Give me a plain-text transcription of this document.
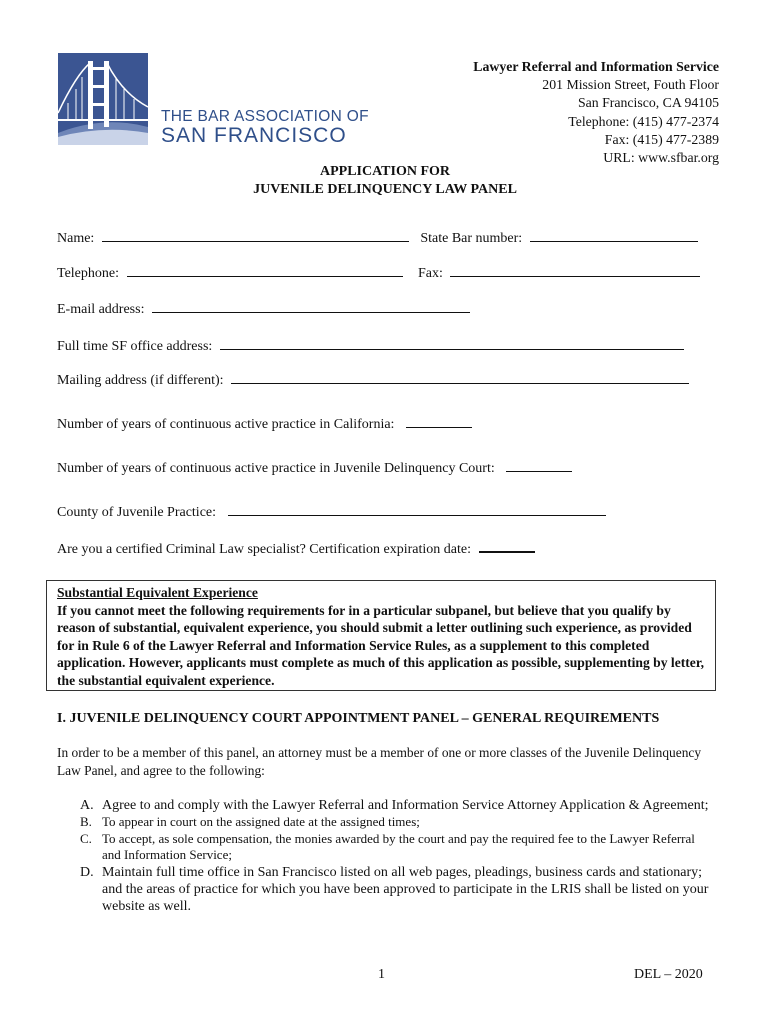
THE BAR ASSOCIATION OF
SAN FRANCISCO
Lawyer Referral and Information Service
201 Mission Street, Fouth Floor
San Francisco, CA 94105
Telephone: (415) 477-2374
Fax: (415) 477-2389
URL: www.sfbar.org
APPLICATION FOR
JUVENILE DELINQUENCY LAW PANEL
Name:	State Bar number:
Telephone:	Fax:
E-mail address:
Full time SF office address:
Mailing address (if different):
Number of years of continuous active practice in California:
Number of years of continuous active practice in Juvenile Delinquency Court:
County of Juvenile Practice:
Are you a certified Criminal Law specialist? Certification expiration date:
Substantial Equivalent Experience
If you cannot meet the following requirements for in a particular subpanel, but believe that you qualify by reason of substantial, equivalent experience, you should submit a letter outlining such experience, as provided for in Rule 6 of the Lawyer Referral and Information Service Rules, as a supplement to this completed application. However, applicants must complete as much of this application as possible, supplementing by letter, the substantial equivalent experience.
I. JUVENILE DELINQUENCY COURT APPOINTMENT PANEL – GENERAL REQUIREMENTS
In order to be a member of this panel, an attorney must be a member of one or more classes of the Juvenile Delinquency Law Panel, and agree to the following:
A. Agree to and comply with the Lawyer Referral and Information Service Attorney Application & Agreement;
B. To appear in court on the assigned date at the assigned times;
C. To accept, as sole compensation, the monies awarded by the court and pay the required fee to the Lawyer Referral and Information Service;
D. Maintain full time office in San Francisco listed on all web pages, pleadings, business cards and stationary; and the areas of practice for which you have been approved to participate in the LRIS shall be listed on your website as well.
1	DEL – 2020
